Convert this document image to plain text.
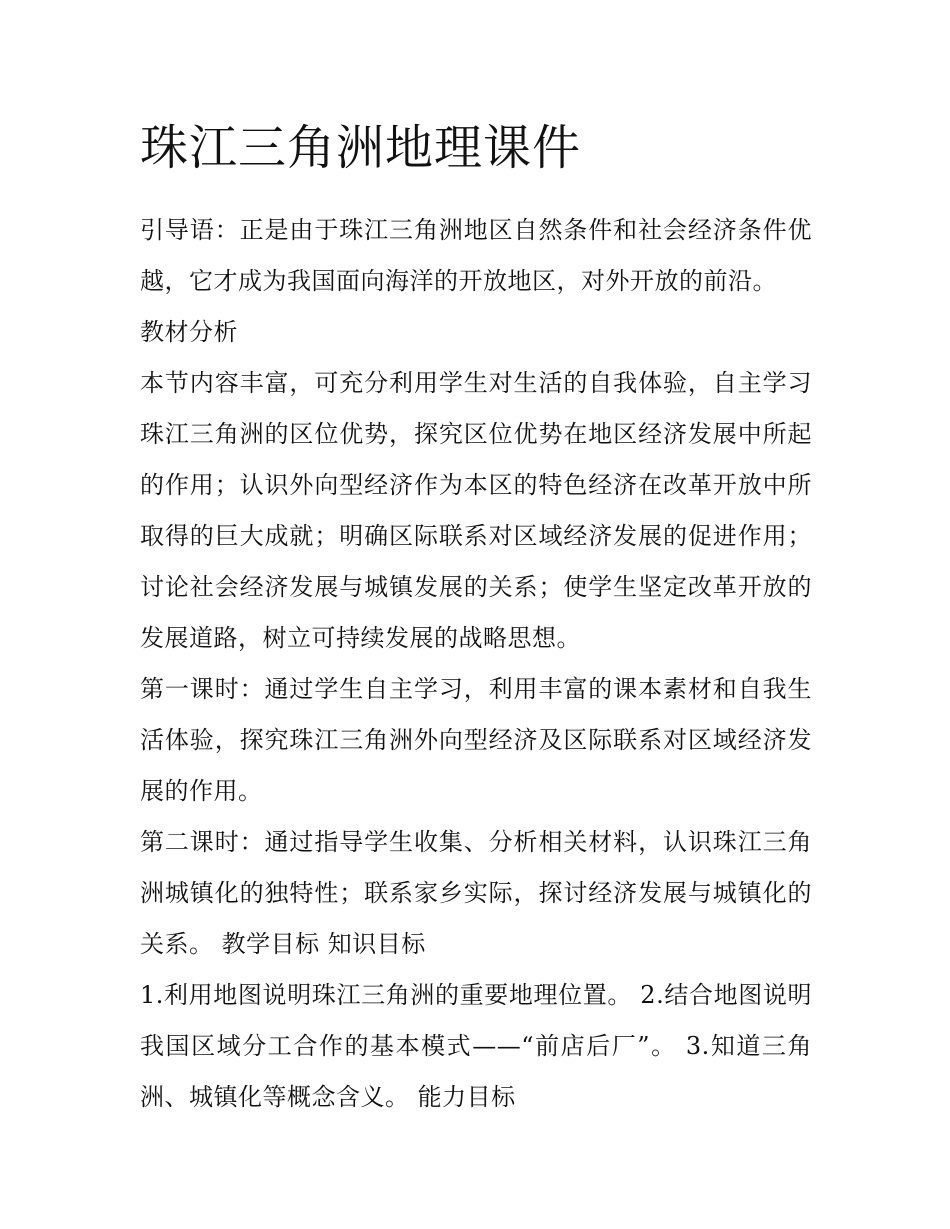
珠江三角洲地理课件

引导语：正是由于珠江三角洲地区自然条件和社会经济条件优越，它才成为我国面向海洋的开放地区，对外开放的前沿。

教材分析

本节内容丰富，可充分利用学生对生活的自我体验，自主学习珠江三角洲的区位优势，探究区位优势在地区经济发展中所起的作用；认识外向型经济作为本区的特色经济在改革开放中所取得的巨大成就；明确区际联系对区域经济发展的促进作用；讨论社会经济发展与城镇发展的关系；使学生坚定改革开放的发展道路，树立可持续发展的战略思想。

第一课时：通过学生自主学习，利用丰富的课本素材和自我生活体验，探究珠江三角洲外向型经济及区际联系对区域经济发展的作用。

第二课时：通过指导学生收集、分析相关材料，认识珠江三角洲城镇化的独特性；联系家乡实际，探讨经济发展与城镇化的关系。 教学目标 知识目标

1.利用地图说明珠江三角洲的重要地理位置。 2.结合地图说明我国区域分工合作的基本模式——“前店后厂”。 3.知道三角洲、城镇化等概念含义。 能力目标
